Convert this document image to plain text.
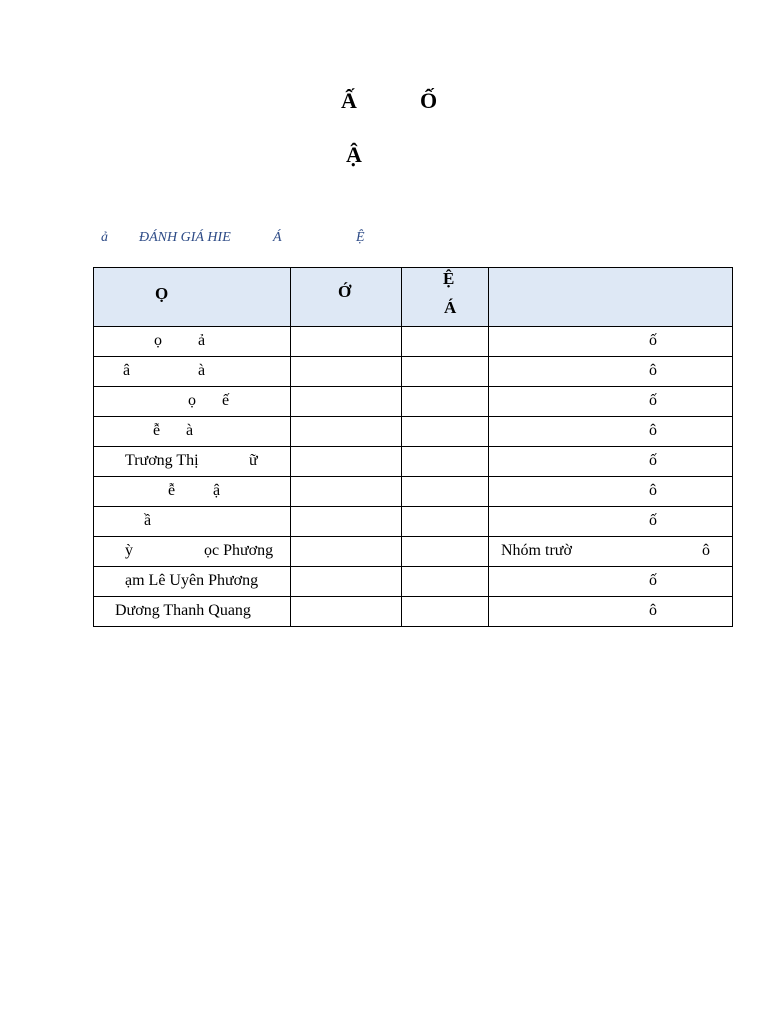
Ấ	Ố
Ậ
ả ĐÁNH GIÁ HIE	Á	Ệ
Ọ	Ớ	Ệ
Á	

ọ ả			ố

â à			ô

ọ ế			ố

ễ à			ô

Trương Thị ữ			ố

ễ ậ			ô

ầ			ố

ỳ ọc Phương			Nhóm trườ ô

ạm Lê Uyên Phương			ố

Dương Thanh Quang			ô
